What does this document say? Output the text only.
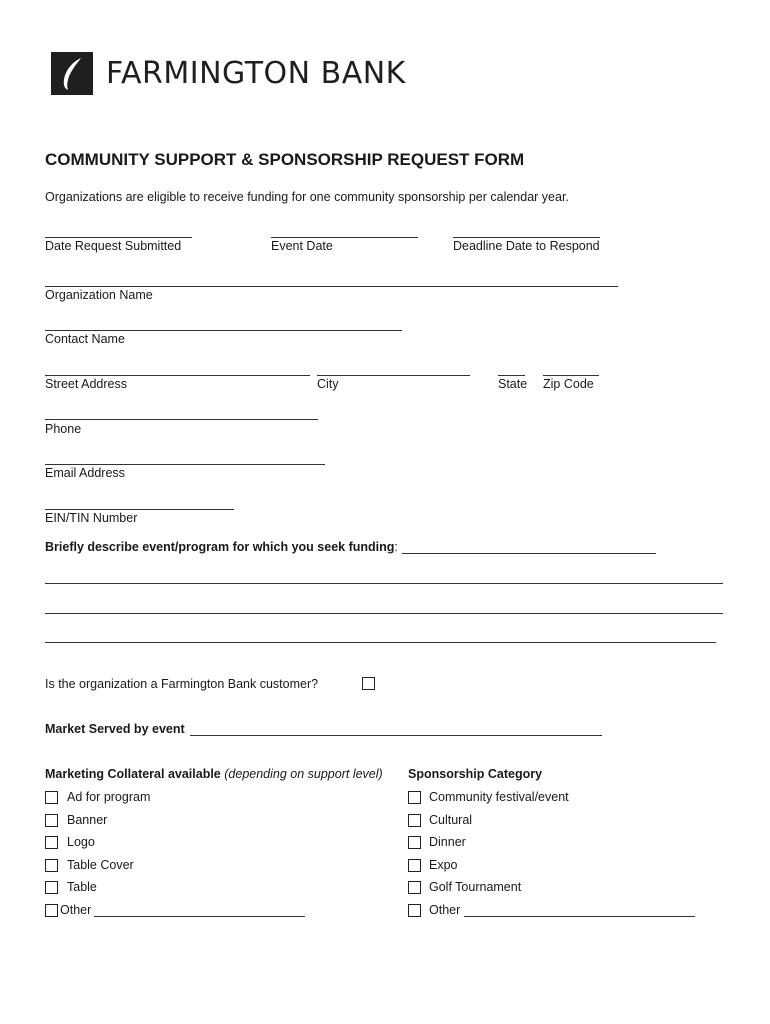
FARMINGTON BANK
COMMUNITY SUPPORT & SPONSORSHIP REQUEST FORM
Organizations are eligible to receive funding for one community sponsorship per calendar year.
Date Request Submitted	Event Date	Deadline Date to Respond
Organization Name
Contact Name
Street Address	City	State Zip Code
Phone
Email Address
EIN/TIN Number
Briefly describe event/program for which you seek funding:
Is the organization a Farmington Bank customer?
Market Served by event
Marketing Collateral available (depending on support level)
Ad for program
Banner
Logo
Table Cover
Table
Other
Sponsorship Category
Community festival/event
Cultural
Dinner
Expo
Golf Tournament
Other
